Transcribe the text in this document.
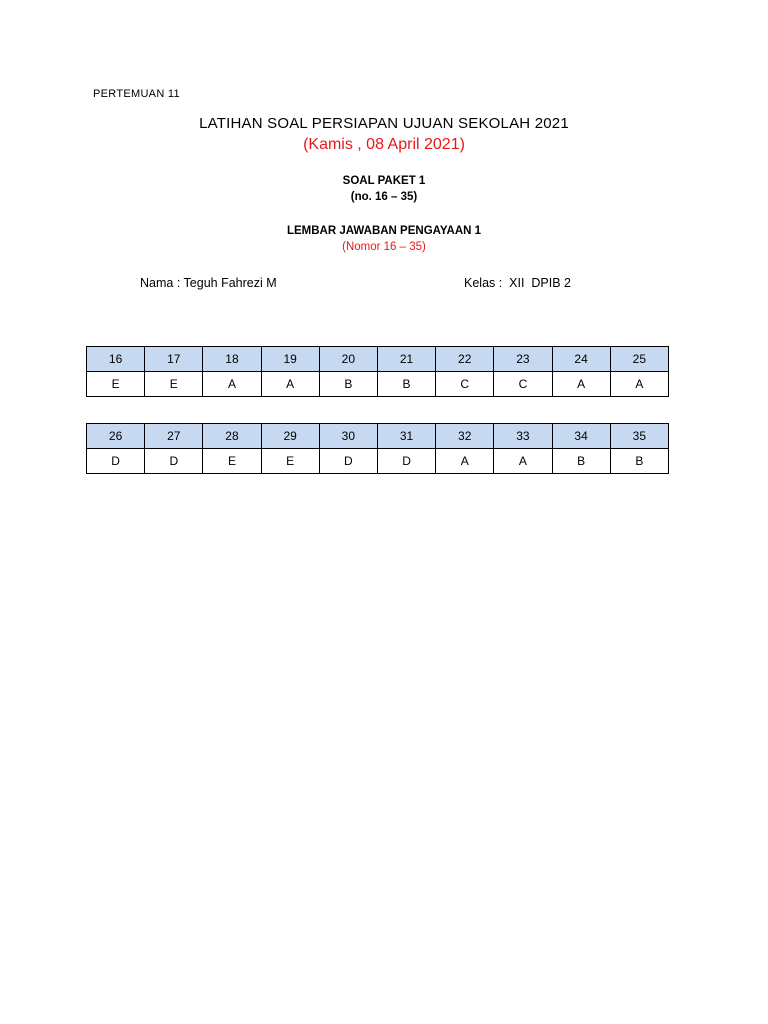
PERTEMUAN 11
LATIHAN SOAL PERSIAPAN UJUAN SEKOLAH 2021
(Kamis , 08 April 2021)
SOAL PAKET 1
(no. 16 – 35)
LEMBAR JAWABAN PENGAYAAN 1
(Nomor 16 – 35)
Nama : Teguh Fahrezi M	Kelas :  XII  DPIB 2
16	17	18	19	20	21	22	23	24	25
E	E	A	A	B	B	C	C	A	A
26	27	28	29	30	31	32	33	34	35
D	D	E	E	D	D	A	A	B	B
